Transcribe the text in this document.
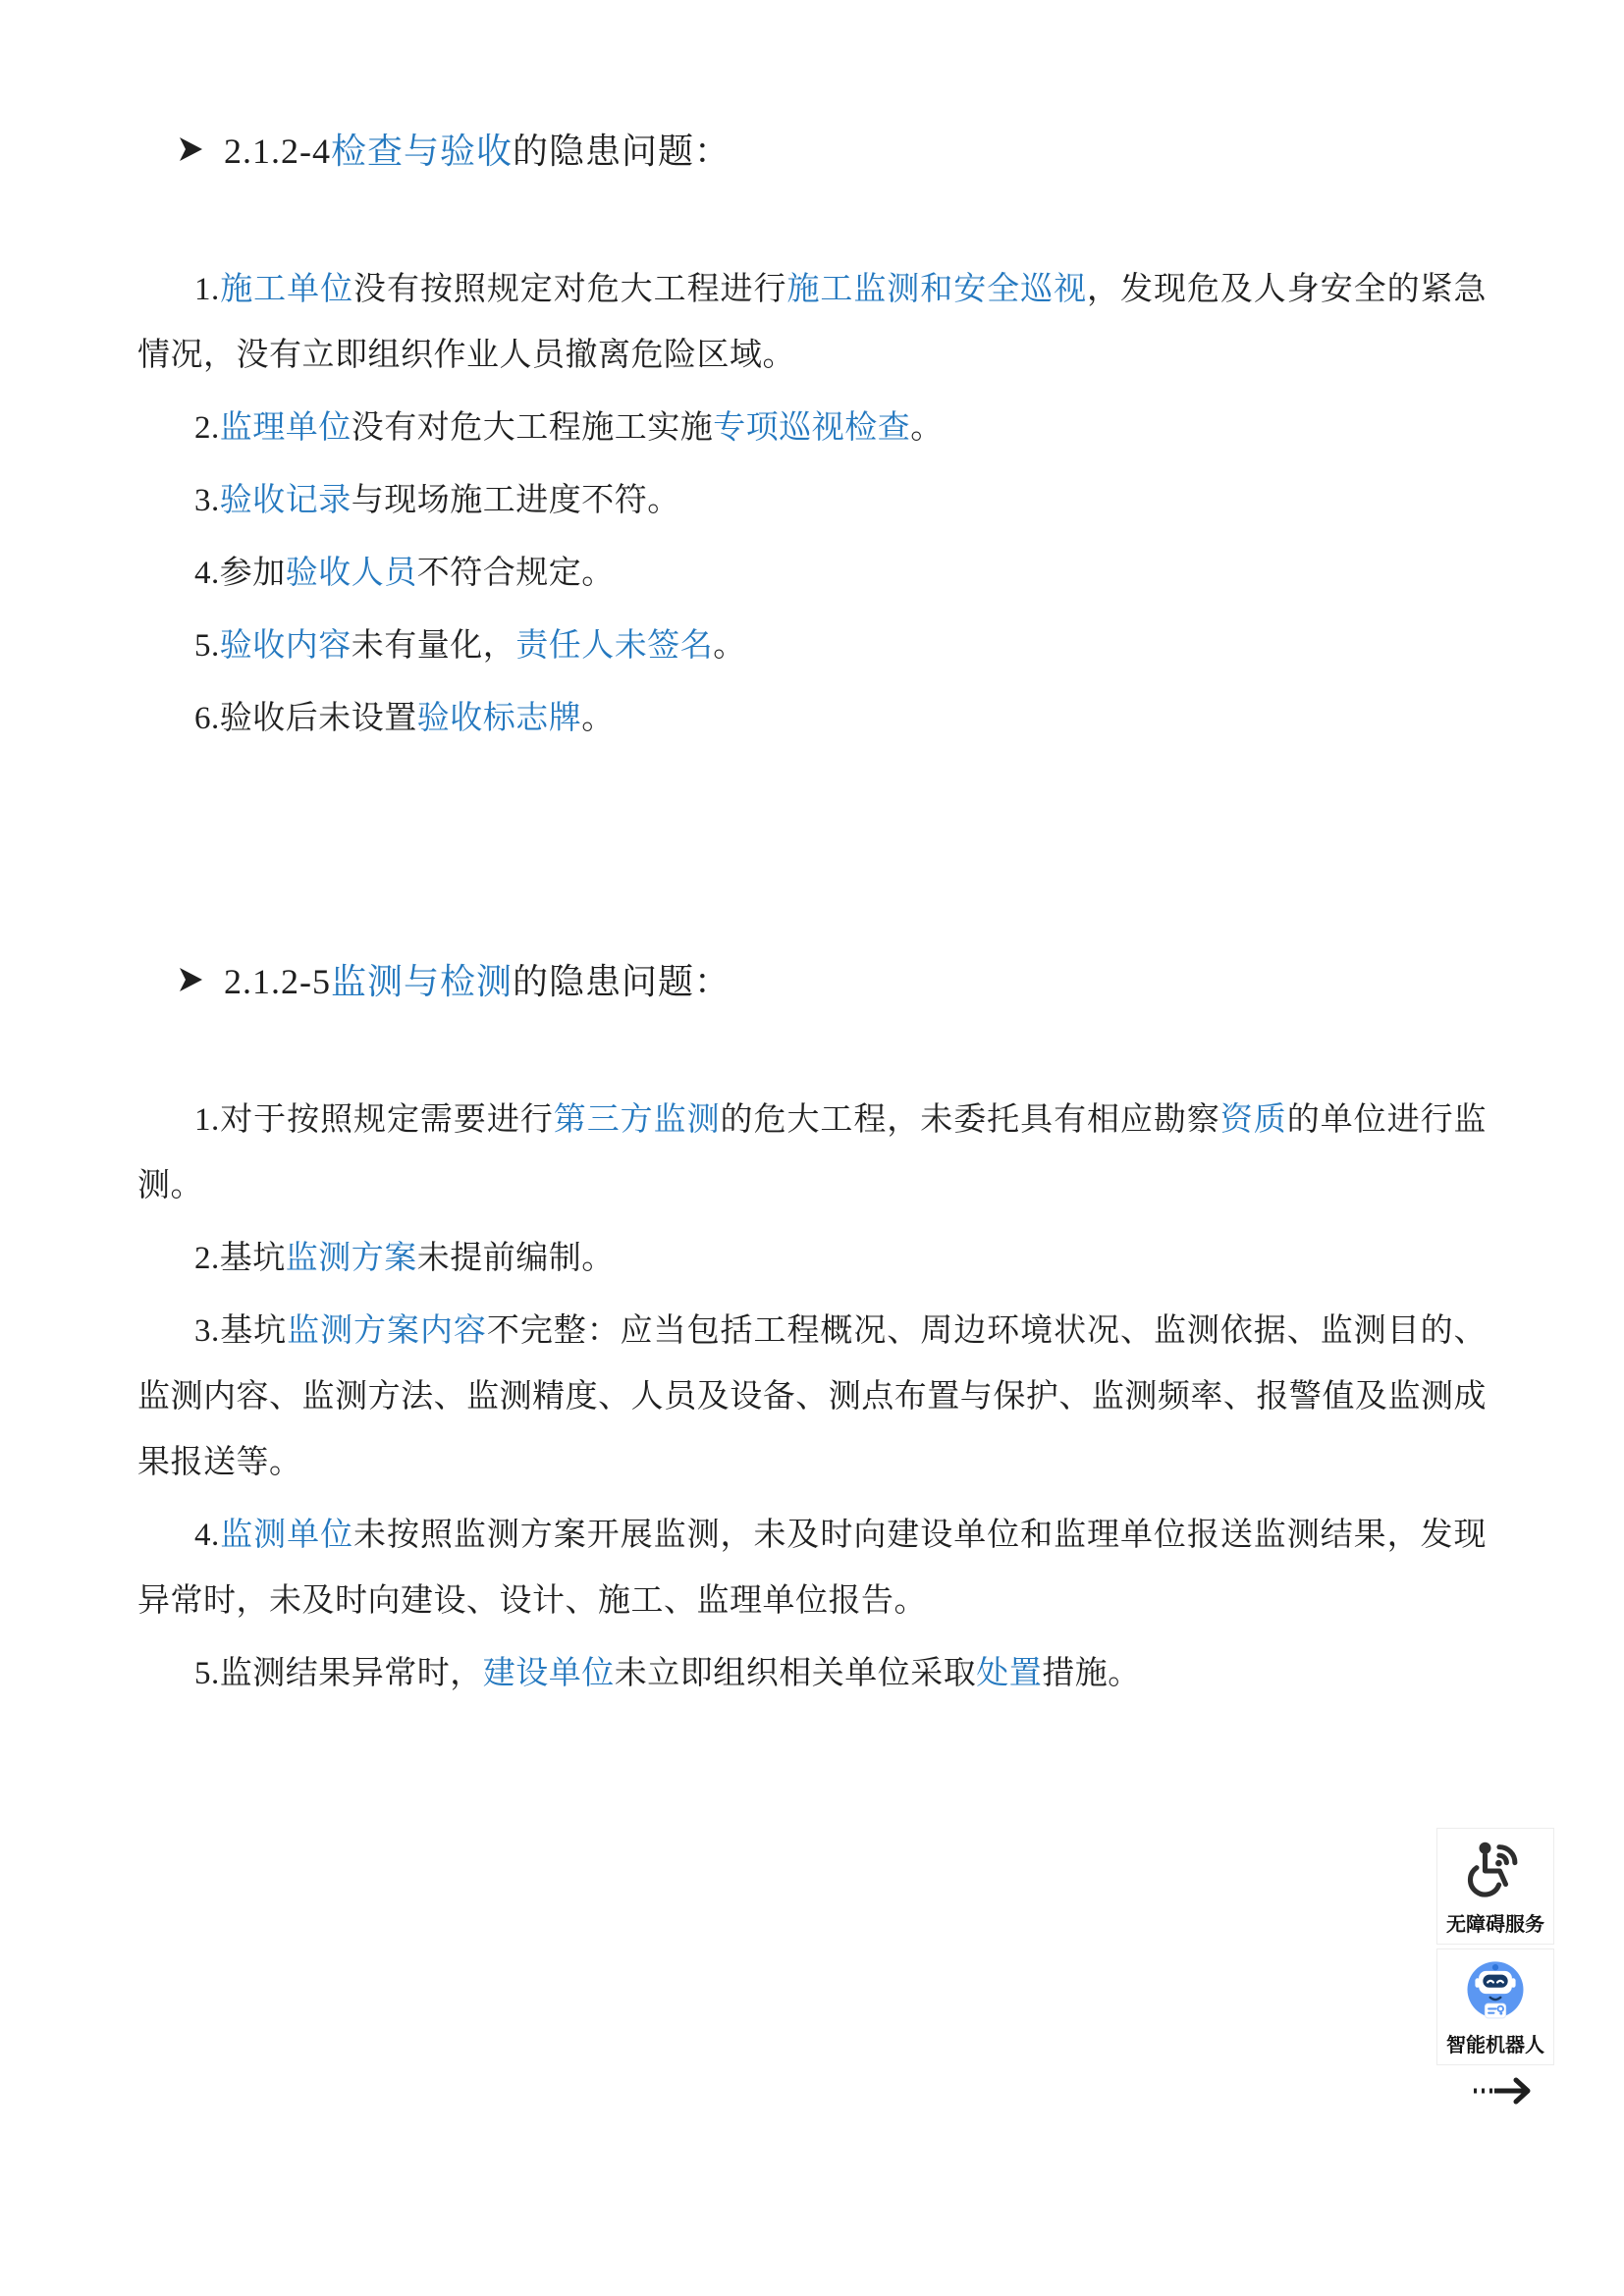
2.1.2-4检查与验收的隐患问题：

1.施工单位没有按照规定对危大工程进行施工监测和安全巡视，发现危及人身安全的紧急情况，没有立即组织作业人员撤离危险区域。

2.监理单位没有对危大工程施工实施专项巡视检查。

3.验收记录与现场施工进度不符。

4.参加验收人员不符合规定。

5.验收内容未有量化，责任人未签名。

6.验收后未设置验收标志牌。

2.1.2-5监测与检测的隐患问题：

1.对于按照规定需要进行第三方监测的危大工程，未委托具有相应勘察资质的单位进行监测。

2.基坑监测方案未提前编制。

3.基坑监测方案内容不完整：应当包括工程概况、周边环境状况、监测依据、监测目的、监测内容、监测方法、监测精度、人员及设备、测点布置与保护、监测频率、报警值及监测成果报送等。

4.监测单位未按照监测方案开展监测，未及时向建设单位和监理单位报送监测结果，发现异常时，未及时向建设、设计、施工、监理单位报告。

5.监测结果异常时，建设单位未立即组织相关单位采取处置措施。

无障碍服务
智能机器人
